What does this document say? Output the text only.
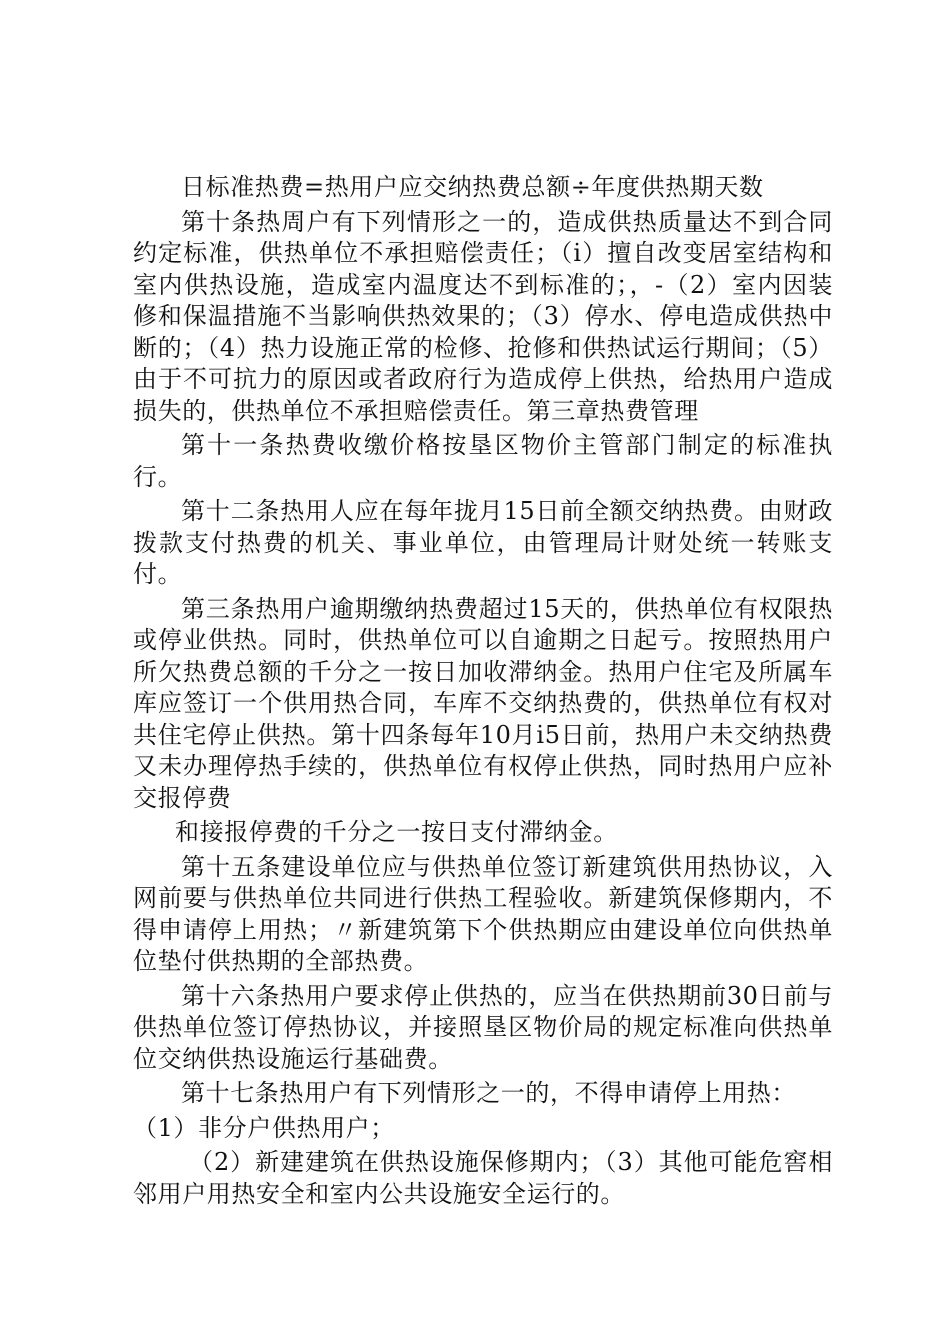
日标准热费=热用户应交纳热费总额÷年度供热期天数

第十条热周户有下列情形之一的，造成供热质量达不到合同约定标准，供热单位不承担赔偿责任；（i）擅自改变居室结构和室内供热设施，造成室内温度达不到标准的；，-（2）室内因装修和保温措施不当影响供热效果的；（3）停水、停电造成供热中断的；（4）热力设施正常的检修、抢修和供热试运行期间；（5）由于不可抗力的原因或者政府行为造成停上供热，给热用户造成损失的，供热单位不承担赔偿责任。第三章热费管理

第十一条热费收缴价格按垦区物价主管部门制定的标准执行。

第十二条热用人应在每年拢月15日前全额交纳热费。由财政拨款支付热费的机关、事业单位，由管理局计财处统一转账支付。

第三条热用户逾期缴纳热费超过15天的，供热单位有权限热或停业供热。同时，供热单位可以自逾期之日起亏。按照热用户所欠热费总额的千分之一按日加收滞纳金。热用户住宅及所属车库应签订一个供用热合同，车库不交纳热费的，供热单位有权对共住宅停止供热。第十四条每年10月i5日前，热用户未交纳热费又未办理停热手续的，供热单位有权停止供热，同时热用户应补交报停费

和接报停费的千分之一按日支付滞纳金。

第十五条建设单位应与供热单位签订新建筑供用热协议，入网前要与供热单位共同进行供热工程验收。新建筑保修期内，不得申请停上用热；〃新建筑第下个供热期应由建设单位向供热单位垫付供热期的全部热费。

第十六条热用户要求停止供热的，应当在供热期前30日前与供热单位签订停热协议，并接照垦区物价局的规定标准向供热单位交纳供热设施运行基础费。

第十七条热用户有下列情形之一的，不得申请停上用热：

（1）非分户供热用户；

（2）新建建筑在供热设施保修期内；（3）其他可能危窖相邻用户用热安全和室内公共设施安全运行的。
